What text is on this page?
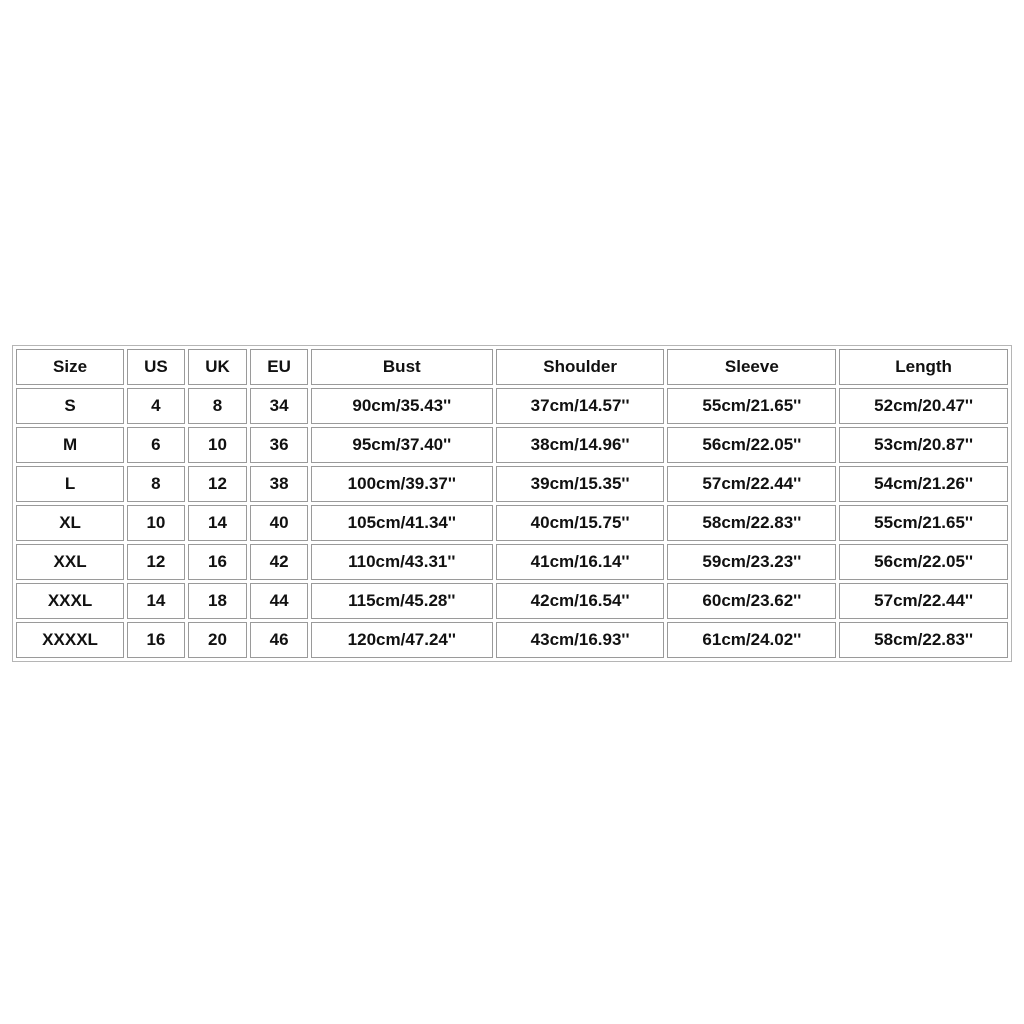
Size	US	UK	EU	Bust	Shoulder	Sleeve	Length
S	4	8	34	90cm/35.43''	37cm/14.57''	55cm/21.65''	52cm/20.47''
M	6	10	36	95cm/37.40''	38cm/14.96''	56cm/22.05''	53cm/20.87''
L	8	12	38	100cm/39.37''	39cm/15.35''	57cm/22.44''	54cm/21.26''
XL	10	14	40	105cm/41.34''	40cm/15.75''	58cm/22.83''	55cm/21.65''
XXL	12	16	42	110cm/43.31''	41cm/16.14''	59cm/23.23''	56cm/22.05''
XXXL	14	18	44	115cm/45.28''	42cm/16.54''	60cm/23.62''	57cm/22.44''
XXXXL	16	20	46	120cm/47.24''	43cm/16.93''	61cm/24.02''	58cm/22.83''
